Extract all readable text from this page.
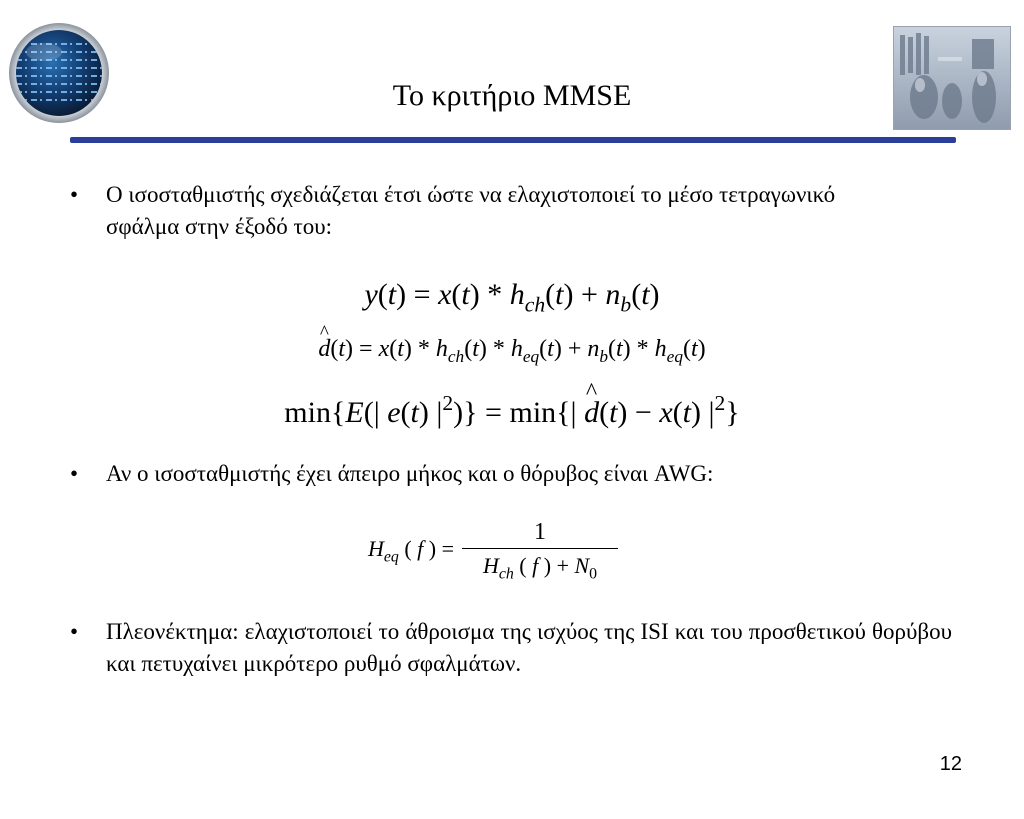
Το κριτήριο MMSE
• Ο ισοσταθμιστής σχεδιάζεται έτσι ώστε να ελαχιστοποιεί το μέσο τετραγωνικό σφάλμα στην έξοδό του:
$y(t) = x(t) * h_{ch}(t) + n_b(t)$
^ $d(t) = x(t) * h_{ch}(t) * h_{eq}(t) + n_b(t) * h_{eq}(t)$
min{E(| e(t) $|^2)\} = \min\{|$ ^ d(t) − x(t) $|^2$}
• Αν ο ισοσταθμιστής έχει άπειρο μήκος και ο θόρυβος είναι AWG:
$H_{eq}$ ( f ) = $\frac{1}{H_{ch} ( f ) + N_0}$
• Πλεονέκτημα: ελαχιστοποιεί το άθροισμα της ισχύος της ISI και του προσθετικού θορύβου και πετυχαίνει μικρότερο ρυθμό σφαλμάτων.
12
